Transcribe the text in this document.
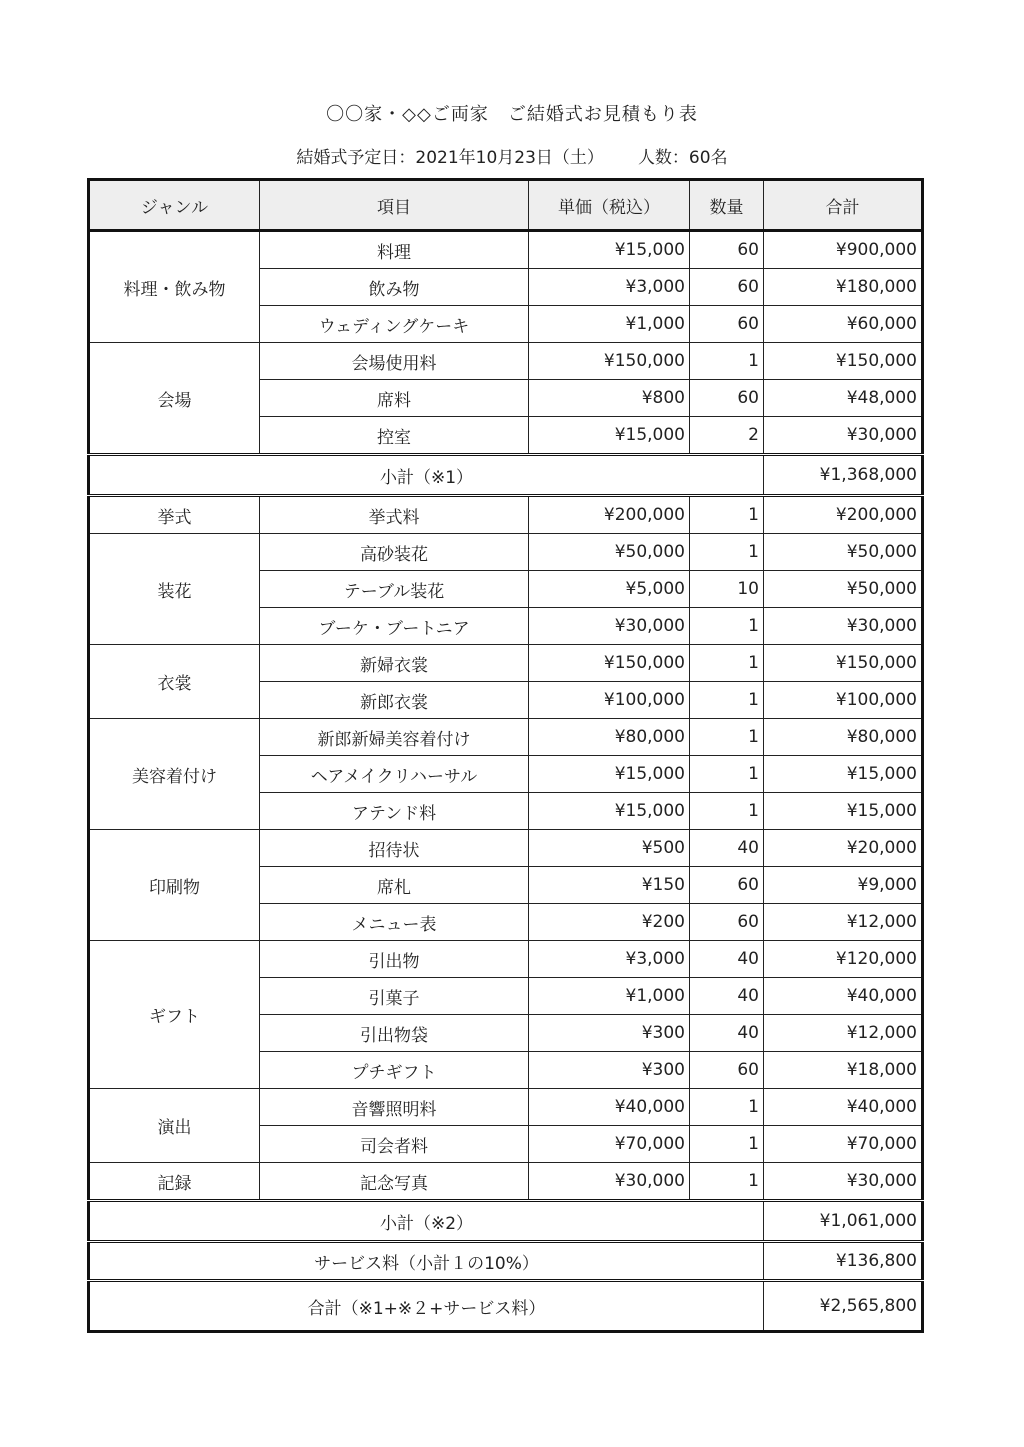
〇〇家・◇◇ご両家　ご結婚式お見積もり表
結婚式予定日：2021年10月23日（土） 人数：60名
ジャンル	項目	単価（税込）	数量	合計
料理・飲み物	料理	¥15,000	60	¥900,000
	飲み物	¥3,000	60	¥180,000
	ウェディングケーキ	¥1,000	60	¥60,000
会場	会場使用料	¥150,000	1	¥150,000
	席料	¥800	60	¥48,000
	控室	¥15,000	2	¥30,000
小計（※1）				¥1,368,000
挙式	挙式料	¥200,000	1	¥200,000
装花	高砂装花	¥50,000	1	¥50,000
	テーブル装花	¥5,000	10	¥50,000
	ブーケ・ブートニア	¥30,000	1	¥30,000
衣裳	新婦衣裳	¥150,000	1	¥150,000
	新郎衣裳	¥100,000	1	¥100,000
美容着付け	新郎新婦美容着付け	¥80,000	1	¥80,000
	ヘアメイクリハーサル	¥15,000	1	¥15,000
	アテンド料	¥15,000	1	¥15,000
印刷物	招待状	¥500	40	¥20,000
	席札	¥150	60	¥9,000
	メニュー表	¥200	60	¥12,000
ギフト	引出物	¥3,000	40	¥120,000
	引菓子	¥1,000	40	¥40,000
	引出物袋	¥300	40	¥12,000
	プチギフト	¥300	60	¥18,000
演出	音響照明料	¥40,000	1	¥40,000
	司会者料	¥70,000	1	¥70,000
記録	記念写真	¥30,000	1	¥30,000
小計（※2）				¥1,061,000
サービス料（小計１の10%）				¥136,800
合計（※1+※２+サービス料）				¥2,565,800
